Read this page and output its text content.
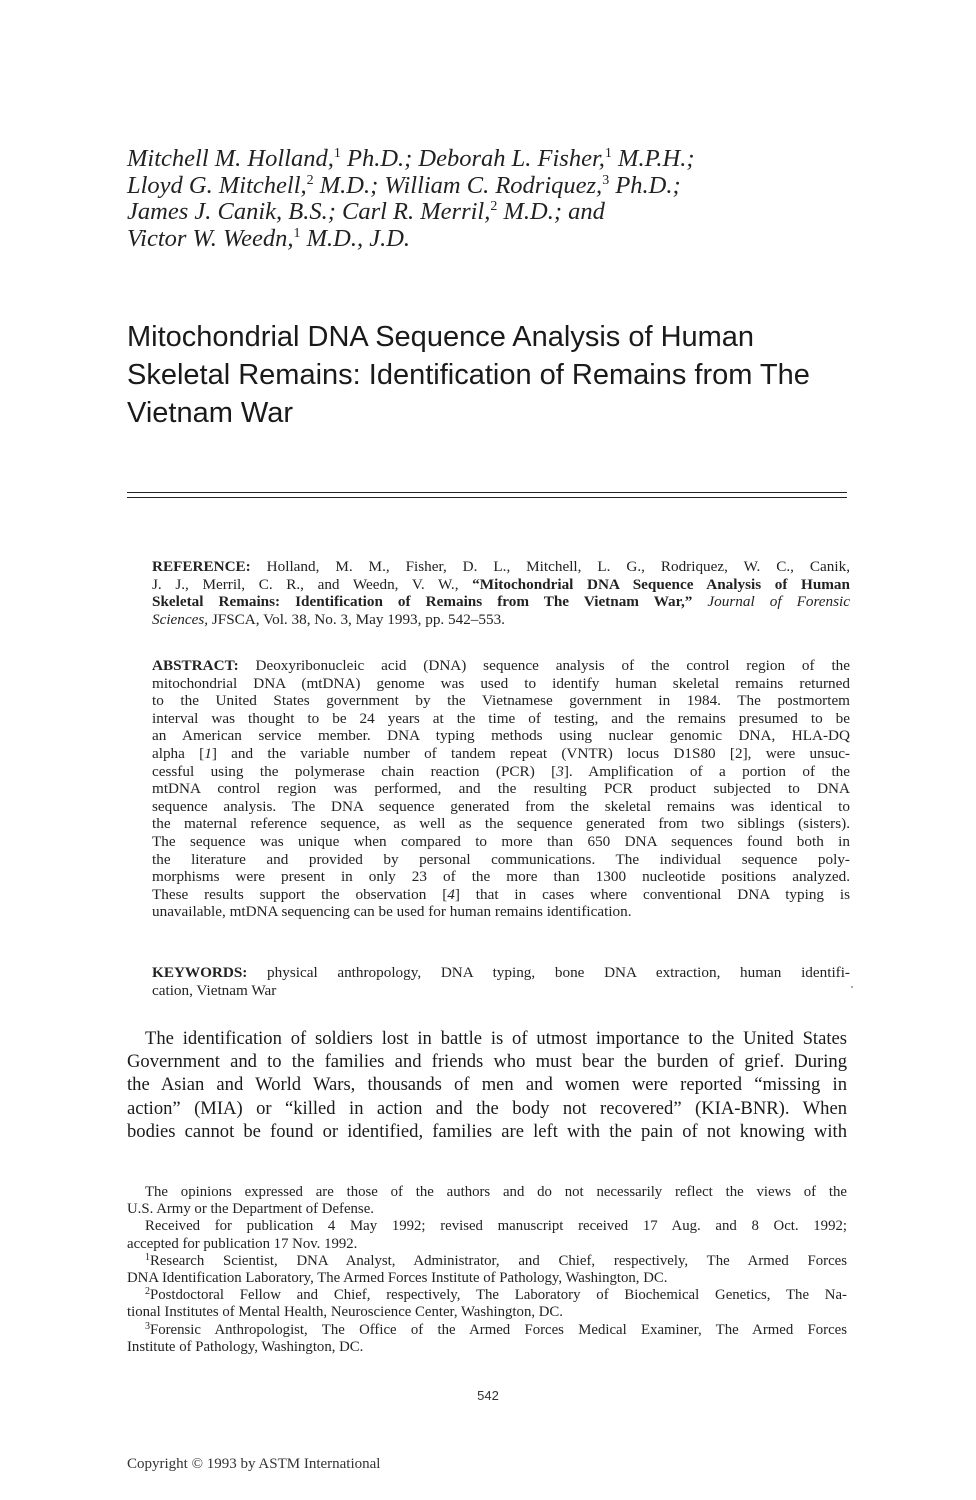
Mitchell M. Holland,$^1$ Ph.D.; Deborah L. Fisher,$^1$ M.P.H.;
Lloyd G. Mitchell,$^2$ M.D.; William C. Rodriquez,$^3$ Ph.D.;
James J. Canik, B.S.; Carl R. Merril,$^2$ M.D.; and
Victor W. Weedn,$^1$ M.D., J.D.
Mitochondrial DNA Sequence Analysis of Human
Skeletal Remains: Identification of Remains from The
Vietnam War
REFERENCE: Holland, M. M., Fisher, D. L., Mitchell, L. G., Rodriquez, W. C., Canik,
J. J., Merril, C. R., and Weedn, V. W., “Mitochondrial DNA Sequence Analysis of Human
Skeletal Remains: Identification of Remains from The Vietnam War,” Journal of Forensic
Sciences, JFSCA, Vol. 38, No. 3, May 1993, pp. 542–553.
ABSTRACT: Deoxyribonucleic acid (DNA) sequence analysis of the control region of the
mitochondrial DNA (mtDNA) genome was used to identify human skeletal remains returned
to the United States government by the Vietnamese government in 1984. The postmortem
interval was thought to be 24 years at the time of testing, and the remains presumed to be
an American service member. DNA typing methods using nuclear genomic DNA, HLA-DQ
alpha [1] and the variable number of tandem repeat (VNTR) locus D1S80 [2], were unsuc-
cessful using the polymerase chain reaction (PCR) [3]. Amplification of a portion of the
mtDNA control region was performed, and the resulting PCR product subjected to DNA
sequence analysis. The DNA sequence generated from the skeletal remains was identical to
the maternal reference sequence, as well as the sequence generated from two siblings (sisters).
The sequence was unique when compared to more than 650 DNA sequences found both in
the literature and provided by personal communications. The individual sequence poly-
morphisms were present in only 23 of the more than 1300 nucleotide positions analyzed.
These results support the observation [4] that in cases where conventional DNA typing is
unavailable, mtDNA sequencing can be used for human remains identification.
KEYWORDS: physical anthropology, DNA typing, bone DNA extraction, human identifi-
cation, Vietnam War
The identification of soldiers lost in battle is of utmost importance to the United States
Government and to the families and friends who must bear the burden of grief. During
the Asian and World Wars, thousands of men and women were reported “missing in
action” (MIA) or “killed in action and the body not recovered” (KIA-BNR). When
bodies cannot be found or identified, families are left with the pain of not knowing with
The opinions expressed are those of the authors and do not necessarily reflect the views of the
U.S. Army or the Department of Defense.
Received for publication 4 May 1992; revised manuscript received 17 Aug. and 8 Oct. 1992;
accepted for publication 17 Nov. 1992.
$^1$Research Scientist, DNA Analyst, Administrator, and Chief, respectively, The Armed Forces
DNA Identification Laboratory, The Armed Forces Institute of Pathology, Washington, DC.
$^2$Postdoctoral Fellow and Chief, respectively, The Laboratory of Biochemical Genetics, The Na-
tional Institutes of Mental Health, Neuroscience Center, Washington, DC.
$^3$Forensic Anthropologist, The Office of the Armed Forces Medical Examiner, The Armed Forces
Institute of Pathology, Washington, DC.
542
Copyright © 1993 by ASTM International
